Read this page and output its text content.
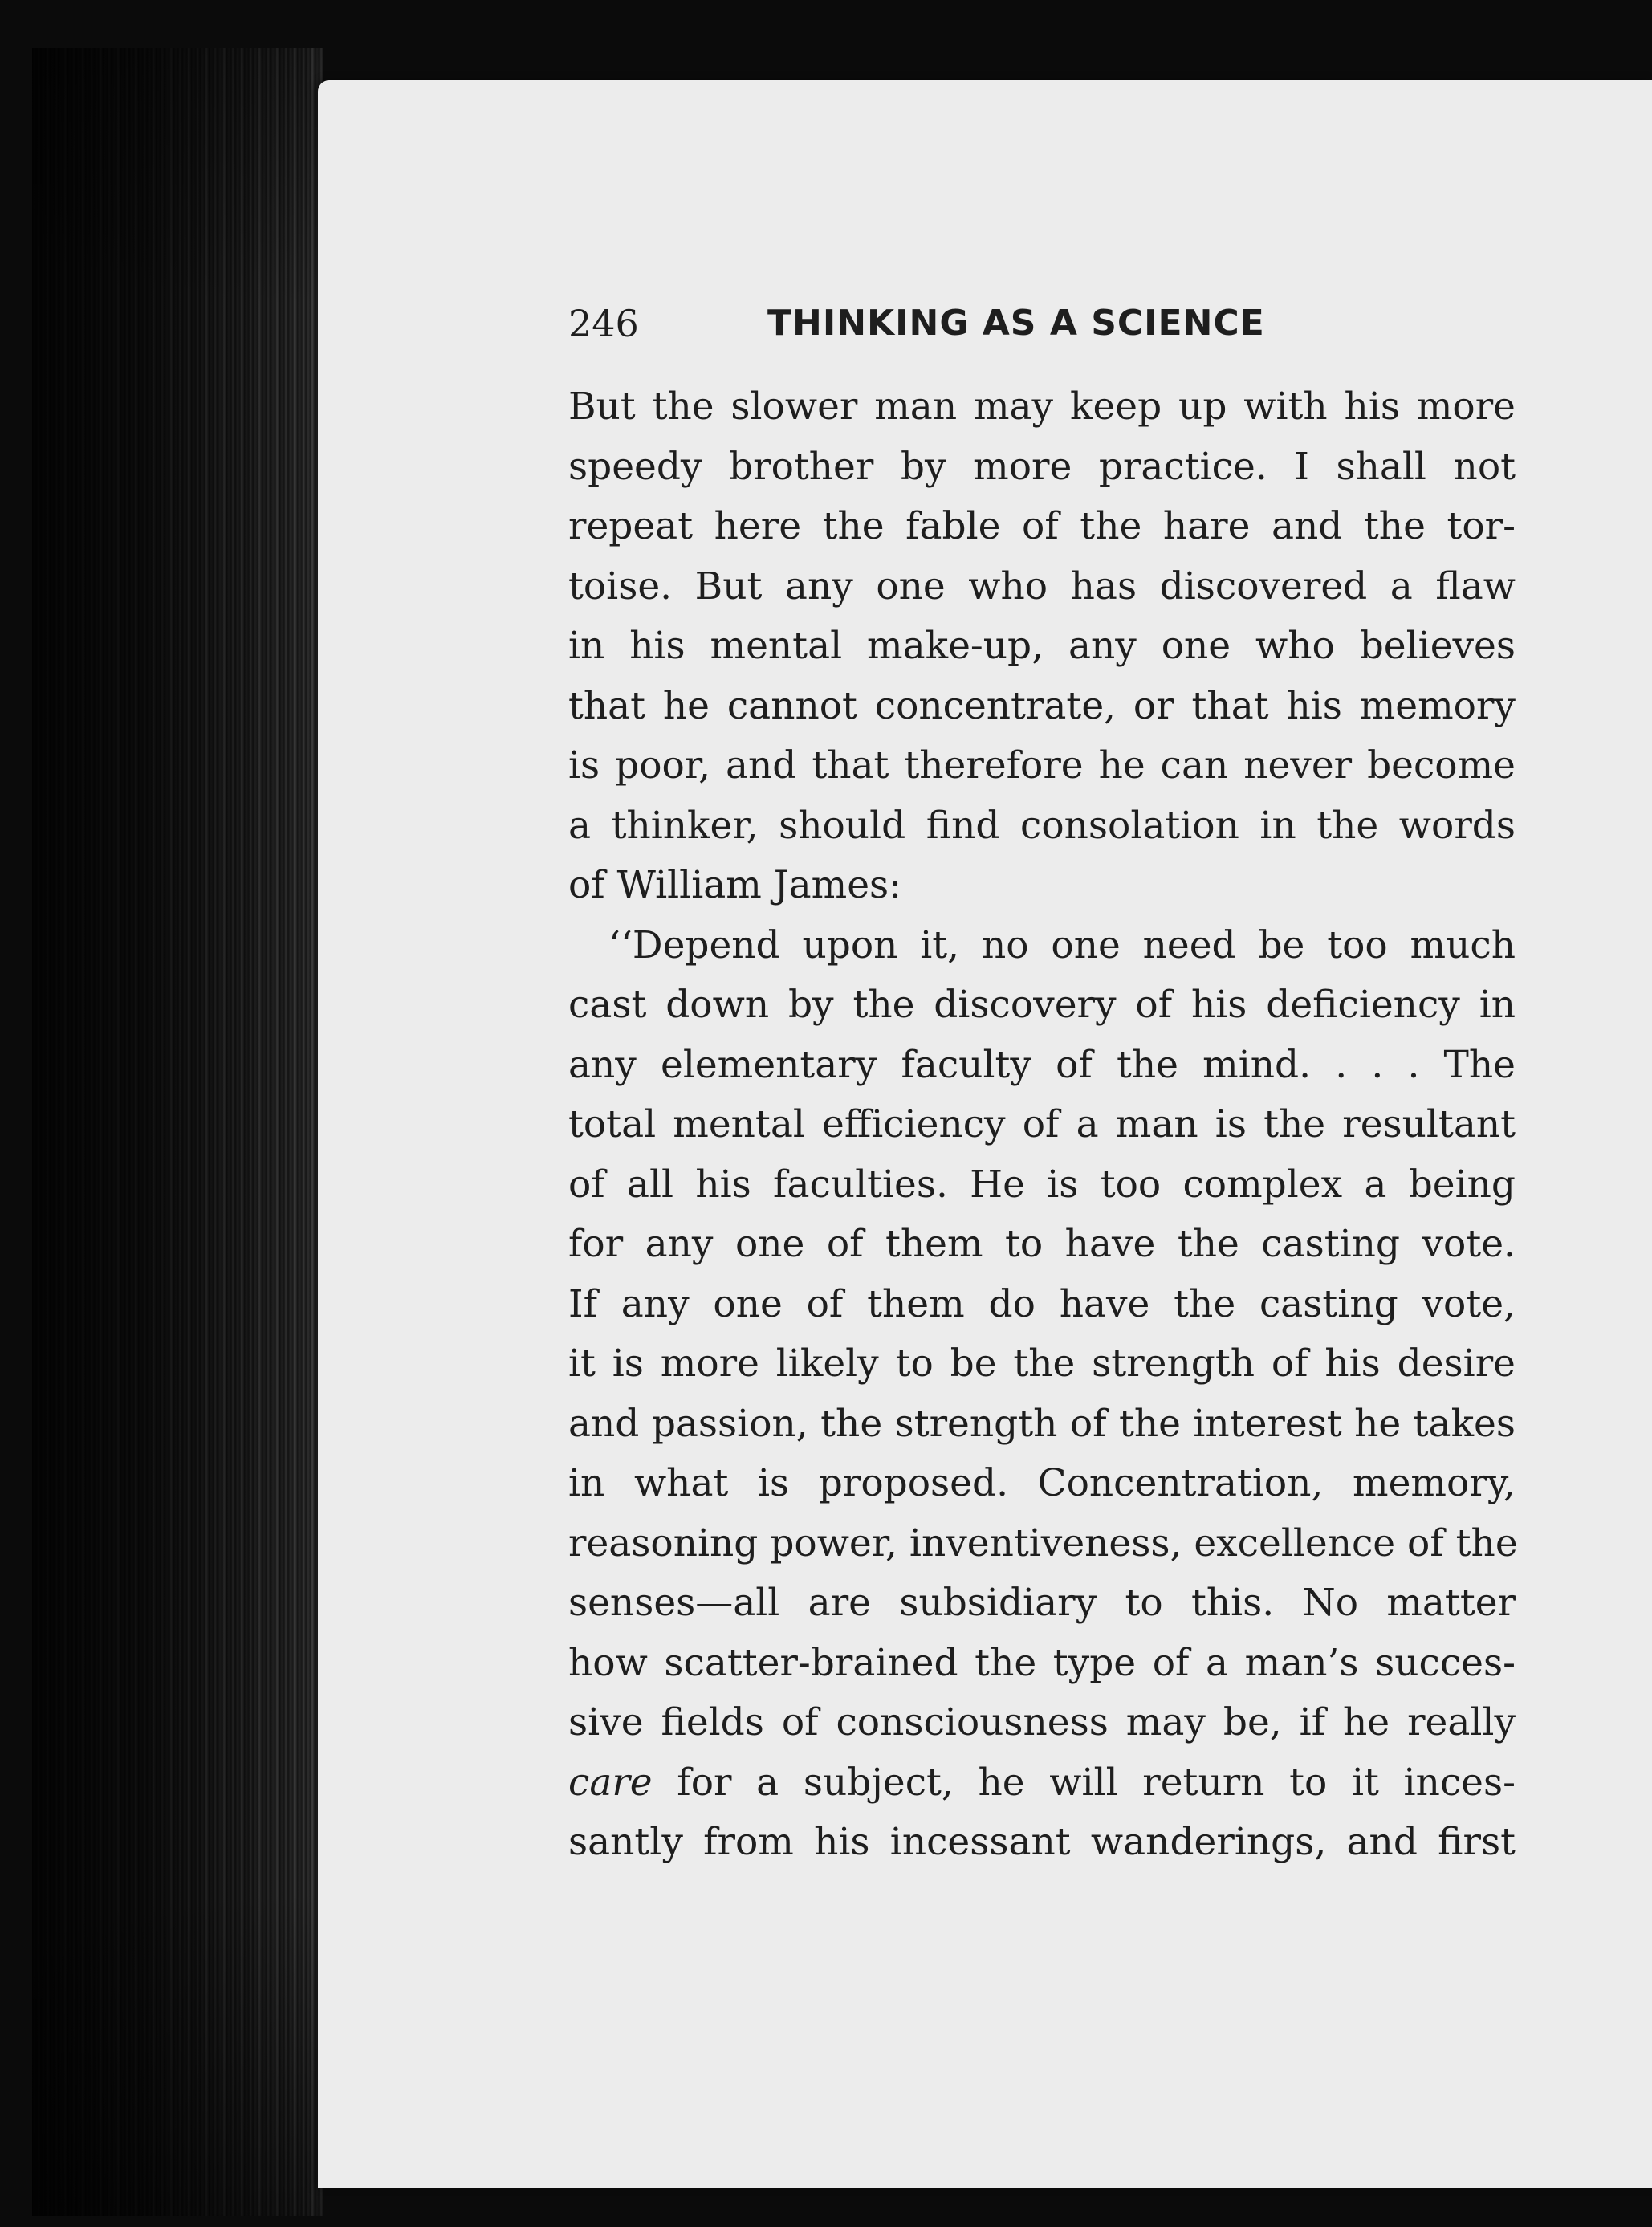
246	THINKING AS A SCIENCE
But the slower man may keep up with his more
speedy brother by more practice. I shall not
repeat here the fable of the hare and the tor-
toise. But any one who has discovered a flaw
in his mental make-up, any one who believes
that he cannot concentrate, or that his memory
is poor, and that therefore he can never become
a thinker, should find consolation in the words
of William James:
‘‘Depend upon it, no one need be too much
cast down by the discovery of his deficiency in
any elementary faculty of the mind. . . . The
total mental efficiency of a man is the resultant
of all his faculties. He is too complex a being
for any one of them to have the casting vote.
If any one of them do have the casting vote,
it is more likely to be the strength of his desire
and passion, the strength of the interest he takes
in what is proposed. Concentration, memory,
reasoning power, inventiveness, excellence of the
senses—all are subsidiary to this. No matter
how scatter-brained the type of a man’s succes-
sive fields of consciousness may be, if he really
care for a subject, he will return to it inces-
santly from his incessant wanderings, and first
